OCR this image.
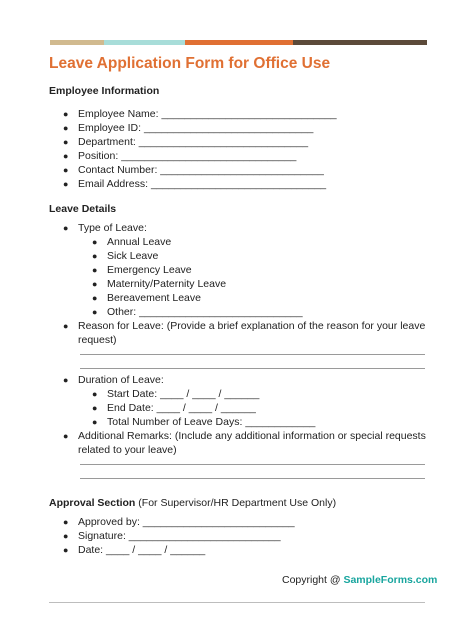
Leave Application Form for Office Use
Employee Information
● Employee Name: ______________________________
● Employee ID: _____________________________
● Department: _____________________________
● Position: ______________________________
● Contact Number: ____________________________
● Email Address: ______________________________
Leave Details
● Type of Leave:
● Annual Leave
● Sick Leave
● Emergency Leave
● Maternity/Paternity Leave
● Bereavement Leave
● Other: ____________________________
● Reason for Leave: (Provide a brief explanation of the reason for your leave
request)
● Duration of Leave:
● Start Date: ____ / ____ / ______
● End Date: ____ / ____ / ______
● Total Number of Leave Days: ____________
● Additional Remarks: (Include any additional information or special requests
related to your leave)
Approval Section (For Supervisor/HR Department Use Only)
● Approved by: __________________________
● Signature: __________________________
● Date: ____ / ____ / ______
Copyright @ SampleForms.com
